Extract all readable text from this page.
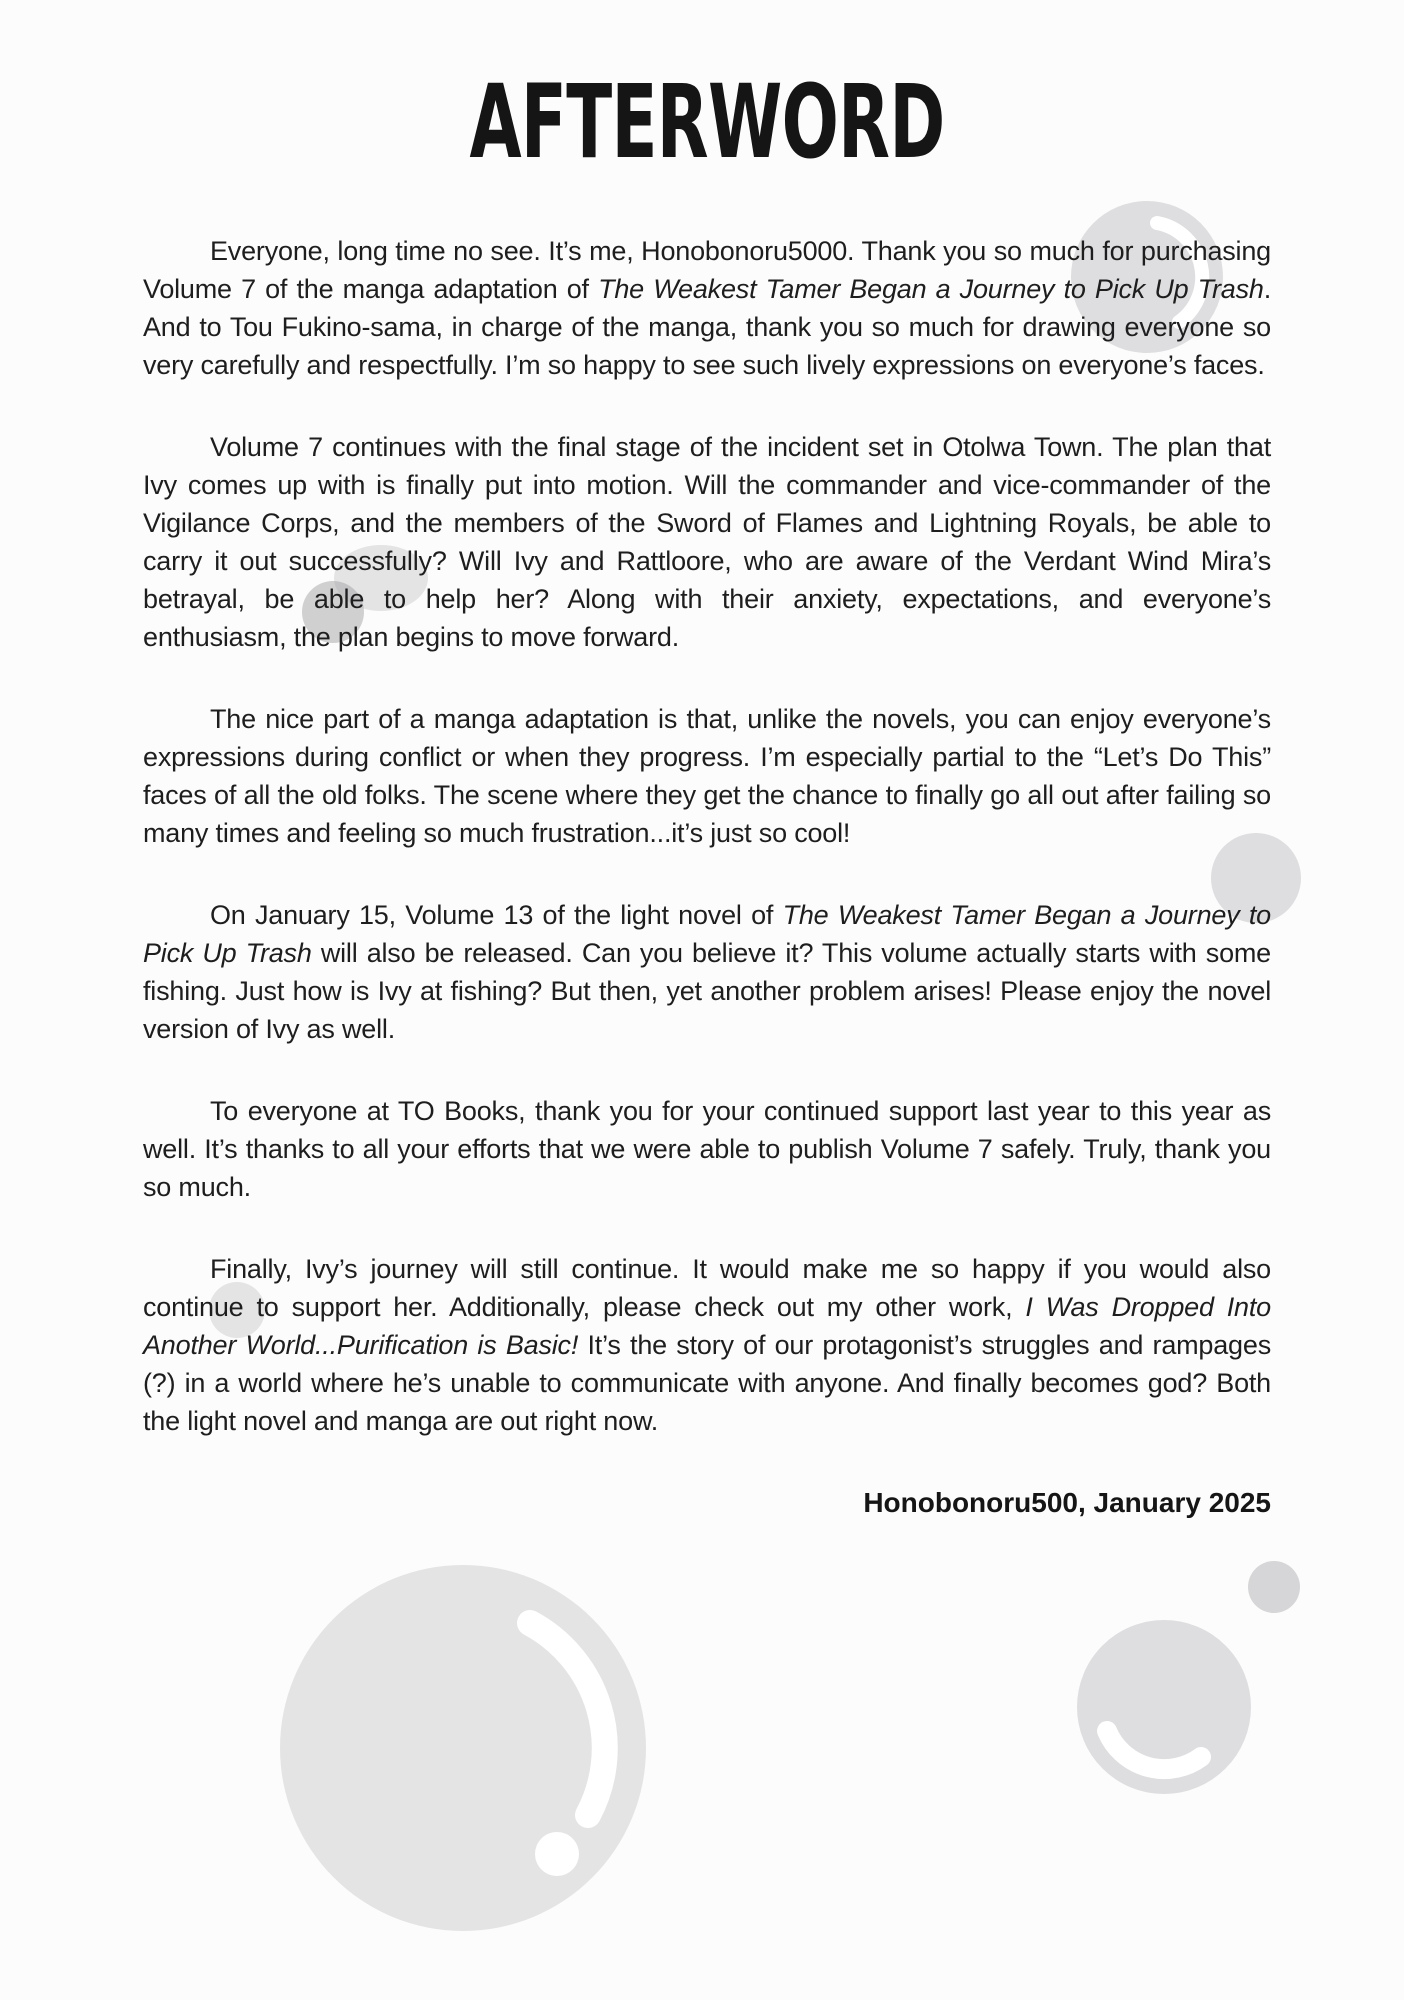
AFTERWORD

Everyone, long time no see. It’s me, Honobonoru5000. Thank you so much for purchasing Volume 7 of the manga adaptation of The Weakest Tamer Began a Journey to Pick Up Trash. And to Tou Fukino-sama, in charge of the manga, thank you so much for drawing everyone so very carefully and respectfully. I’m so happy to see such lively expressions on everyone’s faces.

Volume 7 continues with the final stage of the incident set in Otolwa Town. The plan that Ivy comes up with is finally put into motion. Will the commander and vice-commander of the Vigilance Corps, and the members of the Sword of Flames and Lightning Royals, be able to carry it out successfully? Will Ivy and Rattloore, who are aware of the Verdant Wind Mira’s betrayal, be able to help her? Along with their anxiety, expectations, and everyone’s enthusiasm, the plan begins to move forward.

The nice part of a manga adaptation is that, unlike the novels, you can enjoy everyone’s expressions during conflict or when they progress. I’m especially partial to the “Let’s Do This” faces of all the old folks. The scene where they get the chance to finally go all out after failing so many times and feeling so much frustration...it’s just so cool!

On January 15, Volume 13 of the light novel of The Weakest Tamer Began a Journey to Pick Up Trash will also be released. Can you believe it? This volume actually starts with some fishing. Just how is Ivy at fishing? But then, yet another problem arises! Please enjoy the novel version of Ivy as well.

To everyone at TO Books, thank you for your continued support last year to this year as well. It’s thanks to all your efforts that we were able to publish Volume 7 safely. Truly, thank you so much.

Finally, Ivy’s journey will still continue. It would make me so happy if you would also continue to support her. Additionally, please check out my other work, I Was Dropped Into Another World...Purification is Basic! It’s the story of our protagonist’s struggles and rampages (?) in a world where he’s unable to communicate with anyone. And finally becomes god? Both the light novel and manga are out right now.

Honobonoru500, January 2025
